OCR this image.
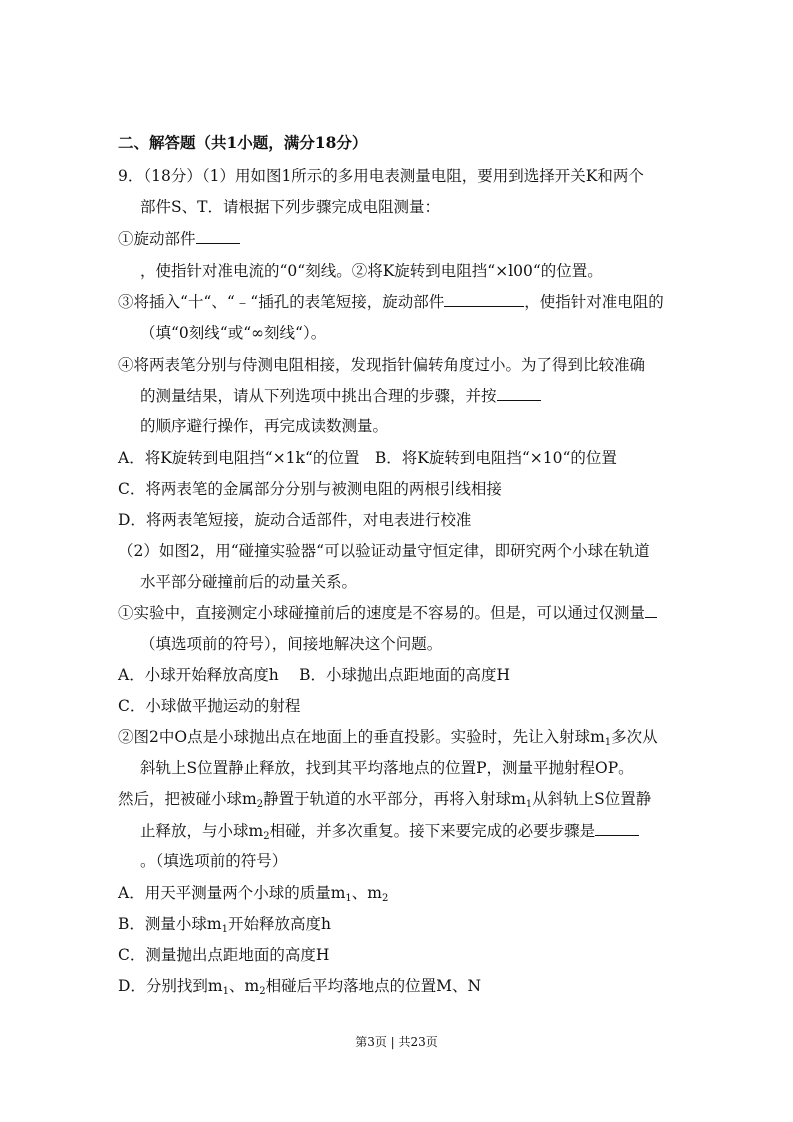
二、解答题（共1小题，满分18分）
9．（18分）（1）用如图1所示的多用电表测量电阻，要用到选择开关K和两个
部件S、T．请根据下列步骤完成电阻测量：
①旋动部件
，使指针对准电流的“0“刻线。②将K旋转到电阻挡“×l00“的位置。
③将插入“十“、“﹣“插孔的表笔短接，旋动部件	，使指针对准电阻的
（填“0刻线“或“∞刻线“）。
④将两表笔分别与侍测电阻相接，发现指针偏转角度过小。为了得到比较准确
的测量结果，请从下列选项中挑出合理的步骤，并按
的顺序避行操作，再完成读数测量。
A．将K旋转到电阻挡“×1k“的位置　B．将K旋转到电阻挡“×10“的位置
C．将两表笔的金属部分分别与被测电阻的两根引线相接
D．将两表笔短接，旋动合适部件，对电表进行校准
（2）如图2，用“碰撞实验器“可以验证动量守恒定律，即研究两个小球在轨道
水平部分碰撞前后的动量关系。
①实验中，直接测定小球碰撞前后的速度是不容易的。但是，可以通过仅测量
（填选项前的符号），间接地解决这个问题。
A．小球开始释放高度h　 B．小球抛出点距地面的高度H
C．小球做平抛运动的射程
②图2中O点是小球抛出点在地面上的垂直投影。实验时，先让入射球$m_1$多次从
斜轨上S位置静止释放，找到其平均落地点的位置P，测量平抛射程OP。
然后，把被碰小球$m_2$静置于轨道的水平部分，再将入射球$m_1$从斜轨上S位置静
止释放，与小球$m_2$相碰，并多次重复。接下来要完成的必要步骤是
。（填选项前的符号）
A．用天平测量两个小球的质量$m_1$、$m_2$
B．测量小球$m_1$开始释放高度h
C．测量抛出点距地面的高度H
D．分别找到$m_1$、$m_2$相碰后平均落地点的位置M、N
第3页 | 共23页
